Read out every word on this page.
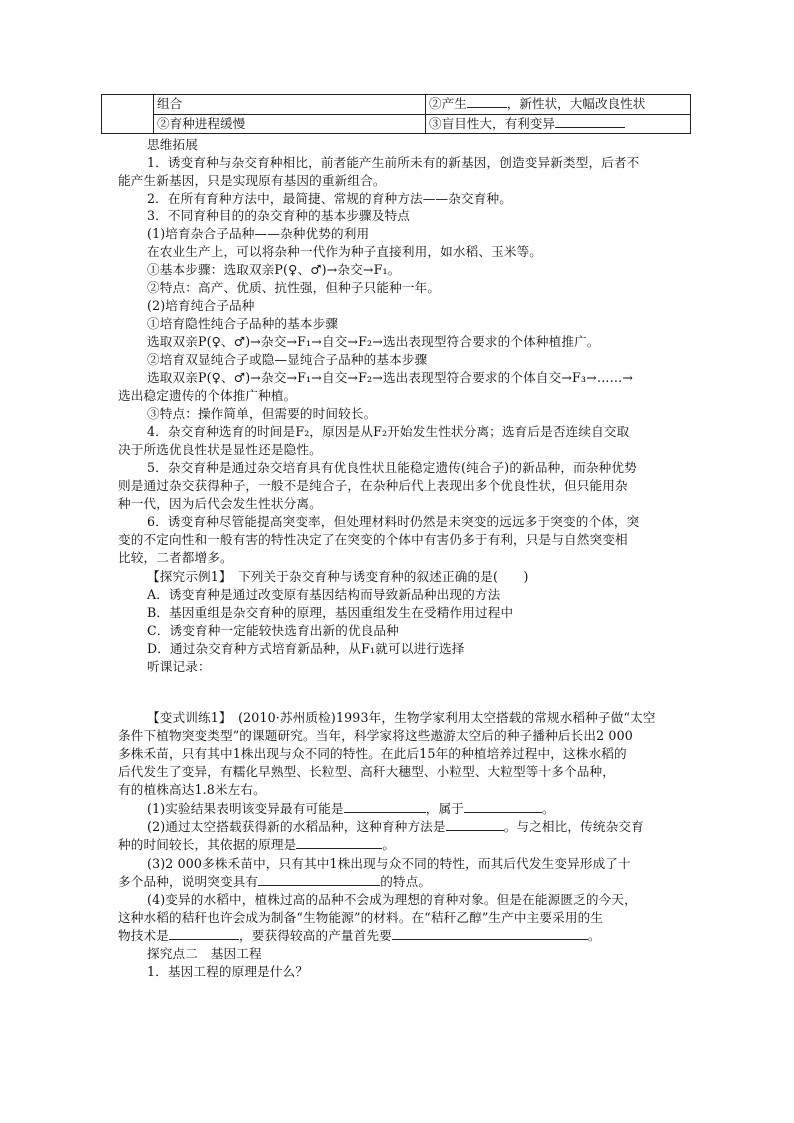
	组合	②产生 ，新性状，大幅改良性状
	②育种进程缓慢	③盲目性大，有利变异
思维拓展
1．诱变育种与杂交育种相比，前者能产生前所未有的新基因，创造变异新类型，后者不
能产生新基因，只是实现原有基因的重新组合。
2．在所有育种方法中，最简捷、常规的育种方法——杂交育种。
3．不同育种目的的杂交育种的基本步骤及特点
(1)培育杂合子品种——杂种优势的利用
在农业生产上，可以将杂种一代作为种子直接利用，如水稻、玉米等。
①基本步骤：选取双亲P(♀、♂)→杂交→F₁。
②特点：高产、优质、抗性强，但种子只能种一年。
(2)培育纯合子品种
①培育隐性纯合子品种的基本步骤
选取双亲P(♀、♂)→杂交→F₁→自交→F₂→选出表现型符合要求的个体种植推广。
②培育双显纯合子或隐—显纯合子品种的基本步骤
选取双亲P(♀、♂)→杂交→F₁→自交→F₂→选出表现型符合要求的个体自交→F₃→……→
选出稳定遗传的个体推广种植。
③特点：操作简单，但需要的时间较长。
4．杂交育种选育的时间是F₂，原因是从F₂开始发生性状分离；选育后是否连续自交取
决于所选优良性状是显性还是隐性。
5．杂交育种是通过杂交培育具有优良性状且能稳定遗传(纯合子)的新品种，而杂种优势
则是通过杂交获得种子，一般不是纯合子，在杂种后代上表现出多个优良性状，但只能用杂
种一代，因为后代会发生性状分离。
6．诱变育种尽管能提高突变率，但处理材料时仍然是未突变的远远多于突变的个体，突
变的不定向性和一般有害的特性决定了在突变的个体中有害仍多于有利，只是与自然突变相
比较，二者都增多。
【探究示例1】　下列关于杂交育种与诱变育种的叙述正确的是(　　)
A．诱变育种是通过改变原有基因结构而导致新品种出现的方法
B．基因重组是杂交育种的原理，基因重组发生在受精作用过程中
C．诱变育种一定能较快选育出新的优良品种
D．通过杂交育种方式培育新品种，从F₁就可以进行选择
听课记录：
【变式训练1】　(2010·苏州质检)1993年，生物学家利用太空搭载的常规水稻种子做“太空
条件下植物突变类型”的课题研究。当年，科学家将这些遨游太空后的种子播种后长出2 000
多株禾苗，只有其中1株出现与众不同的特性。在此后15年的种植培养过程中，这株水稻的
后代发生了变异，有糯化早熟型、长粒型、高秆大穗型、小粒型、大粒型等十多个品种，
有的植株高达1.8米左右。
(1)实验结果表明该变异最有可能是	，属于	。
(2)通过太空搭载获得新的水稻品种，这种育种方法是	。与之相比，传统杂交育
种的时间较长，其依据的原理是	。
(3)2 000多株禾苗中，只有其中1株出现与众不同的特性，而其后代发生变异形成了十
多个品种，说明突变具有	的特点。
(4)变异的水稻中，植株过高的品种不会成为理想的育种对象。但是在能源匮乏的今天，
这种水稻的秸秆也许会成为制备“生物能源”的材料。在“秸秆乙醇”生产中主要采用的生
物技术是	，要获得较高的产量首先要	。
探究点二　基因工程
1．基因工程的原理是什么？
